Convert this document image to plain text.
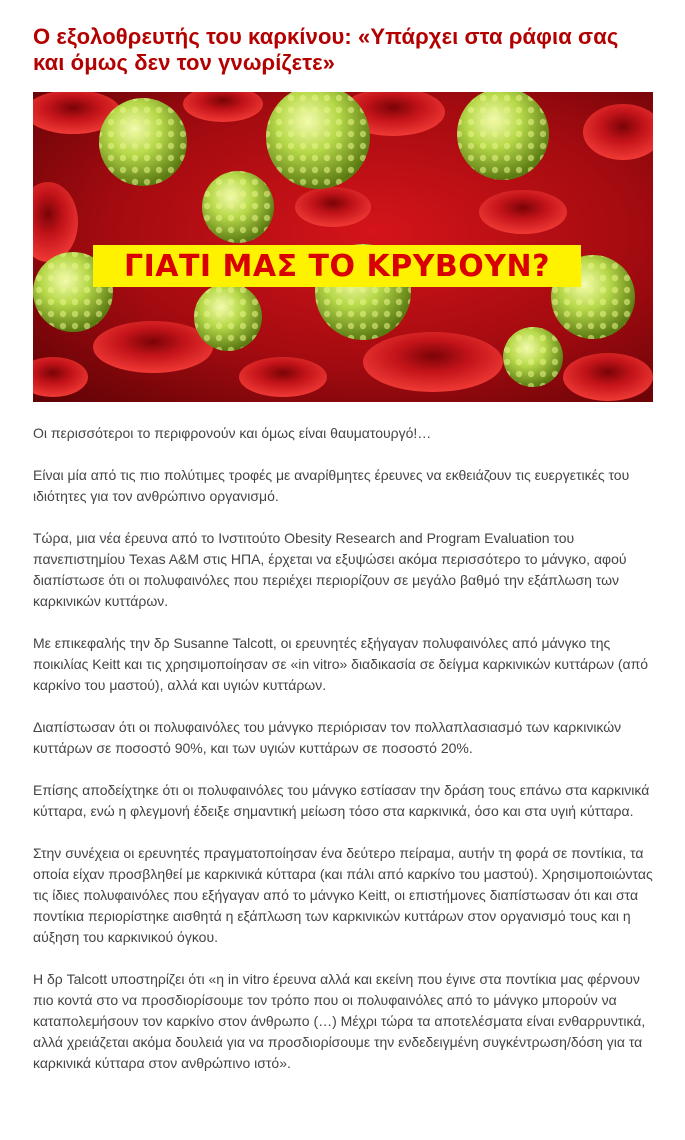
Ο εξολοθρευτής του καρκίνου: «Υπάρχει στα ράφια σας και όμως δεν τον γνωρίζετε»
ΓΙΑΤΙ ΜΑΣ ΤΟ ΚΡΥΒΟΥΝ?

Οι περισσότεροι το περιφρονούν και όμως είναι θαυματουργό!…

Είναι μία από τις πιο πολύτιμες τροφές με αναρίθμητες έρευνες να εκθειάζουν τις ευεργετικές του ιδιότητες για τον ανθρώπινο οργανισμό.

Τώρα, μια νέα έρευνα από το Ινστιτούτο Obesity Research and Program Evaluation του πανεπιστημίου Texas A&M στις ΗΠΑ, έρχεται να εξυψώσει ακόμα περισσότερο το μάνγκο, αφού διαπίστωσε ότι οι πολυφαινόλες που περιέχει περιορίζουν σε μεγάλο βαθμό την εξάπλωση των καρκινικών κυττάρων.

Με επικεφαλής την δρ Susanne Talcott, οι ερευνητές εξήγαγαν πολυφαινόλες από μάνγκο της ποικιλίας Keitt και τις χρησιμοποίησαν σε «in vitro» διαδικασία σε δείγμα καρκινικών κυττάρων (από καρκίνο του μαστού), αλλά και υγιών κυττάρων.

Διαπίστωσαν ότι οι πολυφαινόλες του μάνγκο περιόρισαν τον πολλαπλασιασμό των καρκινικών κυττάρων σε ποσοστό 90%, και των υγιών κυττάρων σε ποσοστό 20%.

Επίσης αποδείχτηκε ότι οι πολυφαινόλες του μάνγκο εστίασαν την δράση τους επάνω στα καρκινικά κύτταρα, ενώ η φλεγμονή έδειξε σημαντική μείωση τόσο στα καρκινικά, όσο και στα υγιή κύτταρα.

Στην συνέχεια οι ερευνητές πραγματοποίησαν ένα δεύτερο πείραμα, αυτήν τη φορά σε ποντίκια, τα οποία είχαν προσβληθεί με καρκινικά κύτταρα (και πάλι από καρκίνο του μαστού). Χρησιμοποιώντας τις ίδιες πολυφαινόλες που εξήγαγαν από το μάνγκο Keitt, οι επιστήμονες διαπίστωσαν ότι και στα ποντίκια περιορίστηκε αισθητά η εξάπλωση των καρκινικών κυττάρων στον οργανισμό τους και η αύξηση του καρκινικού όγκου.

Η δρ Talcott υποστηρίζει ότι «η in vitro έρευνα αλλά και εκείνη που έγινε στα ποντίκια μας φέρνουν πιο κοντά στο να προσδιορίσουμε τον τρόπο που οι πολυφαινόλες από το μάνγκο μπορούν να καταπολεμήσουν τον καρκίνο στον άνθρωπο (…) Μέχρι τώρα τα αποτελέσματα είναι ενθαρρυντικά, αλλά χρειάζεται ακόμα δουλειά για να προσδιορίσουμε την ενδεδειγμένη συγκέντρωση/δόση για τα καρκινικά κύτταρα στον ανθρώπινο ιστό».
